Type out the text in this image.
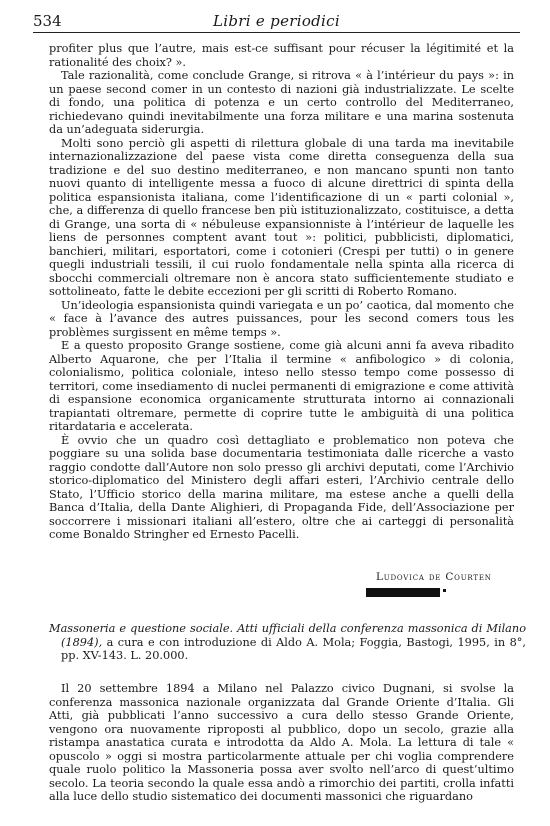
534	Libri e periodici

profiter plus que l’autre, mais est-ce suffisant pour récuser la légitimité et la rationalité des choix? ».

Tale razionalità, come conclude Grange, si ritrova « à l’intérieur du pays »: in un paese second comer in un contesto di nazioni già industrializzate. Le scelte di fondo, una politica di potenza e un certo controllo del Mediterraneo, richiedevano quindi inevitabilmente una forza militare e una marina sostenuta da un’adeguata siderurgia.

Molti sono perciò gli aspetti di rilettura globale di una tarda ma inevitabile internazionalizzazione del paese vista come diretta conseguenza della sua tradizione e del suo destino mediterraneo, e non mancano spunti non tanto nuovi quanto di intelligente messa a fuoco di alcune direttrici di spinta della politica espansionista italiana, come l’identificazione di un « parti colonial », che, a differenza di quello francese ben più istituzionalizzato, costituisce, a detta di Grange, una sorta di « nébuleuse expansionniste à l’intérieur de laquelle les liens de personnes comptent avant tout »: politici, pubblicisti, diplomatici, banchieri, militari, esportatori, come i cotonieri (Crespi per tutti) o in genere quegli industriali tessili, il cui ruolo fondamentale nella spinta alla ricerca di sbocchi commerciali oltremare non è ancora stato sufficientemente studiato e sottolineato, fatte le debite eccezioni per gli scritti di Roberto Romano.

Un’ideologia espansionista quindi variegata e un po’ caotica, dal momento che « face à l’avance des autres puissances, pour les second comers tous les problèmes surgissent en même temps ».

E a questo proposito Grange sostiene, come già alcuni anni fa aveva ribadito Alberto Aquarone, che per l’Italia il termine « anfibologico » di colonia, colonialismo, politica coloniale, inteso nello stesso tempo come possesso di territori, come insediamento di nuclei permanenti di emigrazione e come attività di espansione economica organicamente strutturata intorno ai connazionali trapiantati oltremare, permette di coprire tutte le ambiguità di una politica ritardataria e accelerata.

È ovvio che un quadro così dettagliato e problematico non poteva che poggiare su una solida base documentaria testimoniata dalle ricerche a vasto raggio condotte dall’Autore non solo presso gli archivi deputati, come l’Archivio storico-diplomatico del Ministero degli affari esteri, l’Archivio centrale dello Stato, l’Ufficio storico della marina militare, ma estese anche a quelli della Banca d’Italia, della Dante Alighieri, di Propaganda Fide, dell’Associazione per soccorrere i missionari italiani all’estero, oltre che ai carteggi di personalità come Bonaldo Stringher ed Ernesto Pacelli.

Ludovica de Courten
Massoneria e questione sociale. Atti ufficiali della conferenza massonica di Milano (1894), a cura e con introduzione di Aldo A. Mola; Foggia, Bastogi, 1995, in 8°, pp. XV-143. L. 20.000.

Il 20 settembre 1894 a Milano nel Palazzo civico Dugnani, si svolse la conferenza massonica nazionale organizzata dal Grande Oriente d’Italia. Gli Atti, già pubblicati l’anno successivo a cura dello stesso Grande Oriente, vengono ora nuovamente riproposti al pubblico, dopo un secolo, grazie alla ristampa anastatica curata e introdotta da Aldo A. Mola. La lettura di tale « opuscolo » oggi si mostra particolarmente attuale per chi voglia comprendere quale ruolo politico la Massoneria possa aver svolto nell’arco di quest’ultimo secolo. La teoria secondo la quale essa andò a rimorchio dei partiti, crolla infatti alla luce dello studio sistematico dei documenti massonici che riguardano
